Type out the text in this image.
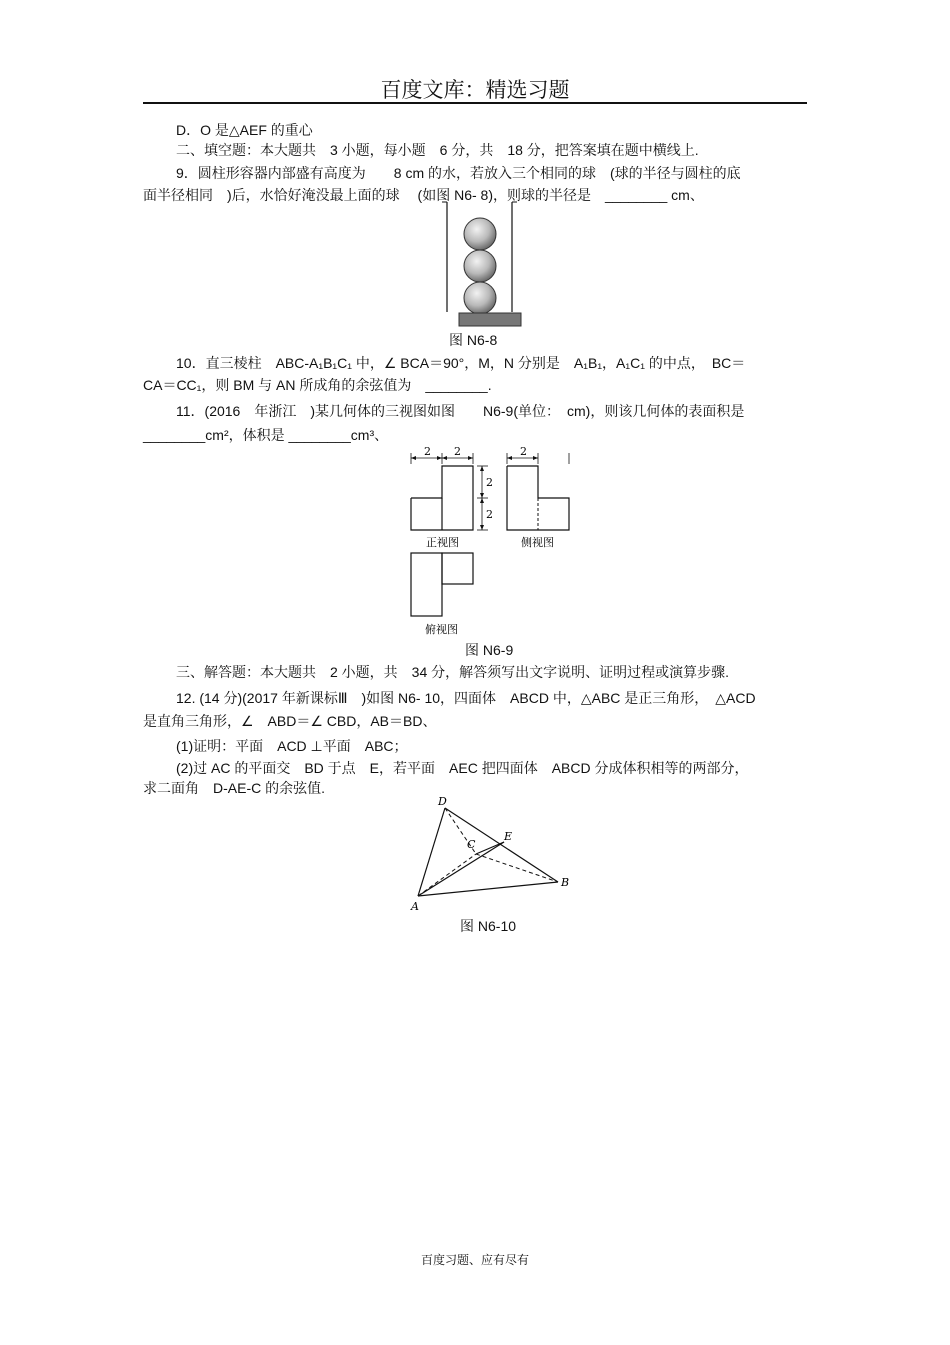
百度文库：精选习题
D．O 是△AEF 的重心
二、填空题：本大题共　3 小题，每小题　6 分，共　18 分，把答案填在题中横线上.
9．圆柱形容器内部盛有高度为　　8 cm 的水，若放入三个相同的球　(球的半径与圆柱的底
面半径相同　)后，水恰好淹没最上面的球　 (如图 N6- 8)，则球的半径是　________ cm、
图 N6-8
10．直三棱柱　ABC-A₁B₁C₁ 中，∠ BCA＝90°，M，N 分别是　A₁B₁，A₁C₁ 的中点，　BC＝
CA＝CC₁，则 BM 与 AN 所成角的余弦值为　________.
11．(2016　年浙江　)某几何体的三视图如图　　N6-9(单位：　cm)，则该几何体的表面积是
________cm²，体积是 ________cm³、
2 2
2
2
正视图
2
侧视图
俯视图
图 N6-9
三、解答题：本大题共　2 小题，共　34 分，解答须写出文字说明、证明过程或演算步骤.
12. (14 分)(2017 年新课标Ⅲ　)如图 N6- 10，四面体　ABCD 中，△ABC 是正三角形，　△ACD
是直角三角形，∠　ABD＝∠ CBD，AB＝BD、
(1)证明：平面　ACD ⊥平面　ABC；
(2)过 AC 的平面交　BD 于点　E，若平面　AEC 把四面体　ABCD 分成体积相等的两部分，
求二面角　D-AE-C 的余弦值.
D
E
C
B
A
图 N6-10
百度习题、应有尽有
